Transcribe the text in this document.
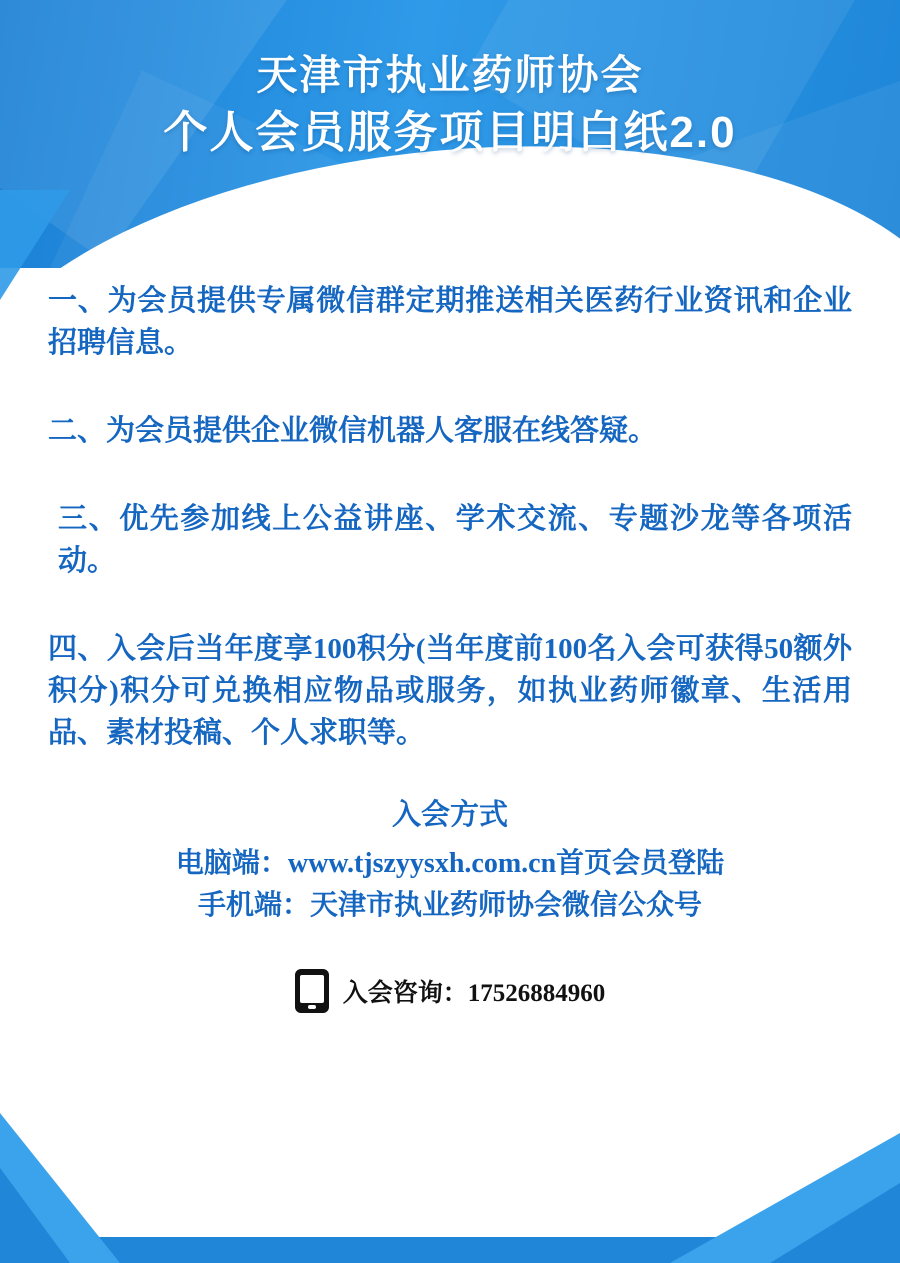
天津市执业药师协会
个人会员服务项目明白纸2.0
一、为会员提供专属微信群定期推送相关医药行业资讯和企业招聘信息。
二、为会员提供企业微信机器人客服在线答疑。
三、优先参加线上公益讲座、学术交流、专题沙龙等各项活动。
四、入会后当年度享100积分(当年度前100名入会可获得50额外积分)积分可兑换相应物品或服务，如执业药师徽章、生活用品、素材投稿、个人求职等。
入会方式
电脑端：www.tjszyysxh.com.cn首页会员登陆
手机端：天津市执业药师协会微信公众号
入会咨询：17526884960
